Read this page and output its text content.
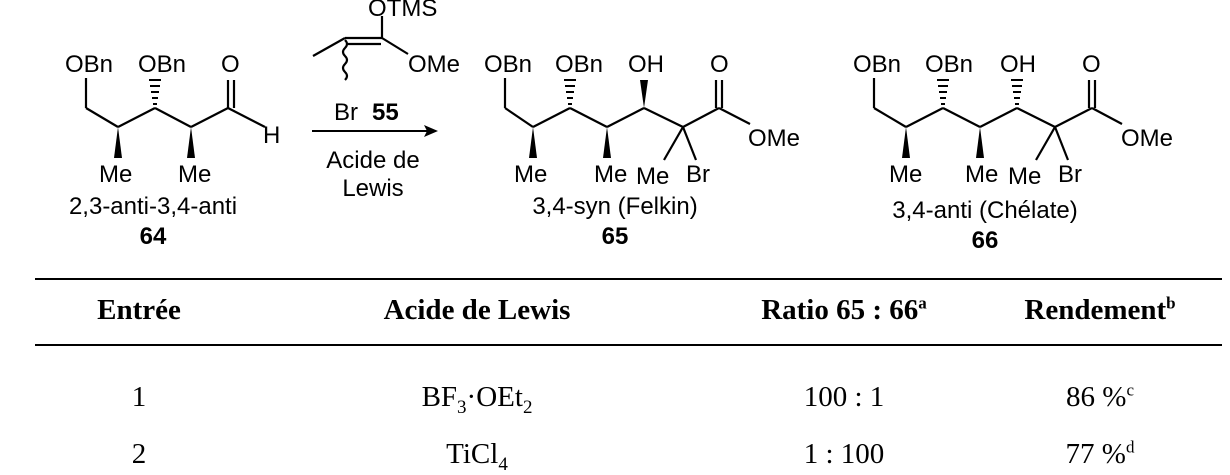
OBn OBn O
H
Me Me
2,3-anti-3,4-anti
64
OTMS
OMe
Br 55
Acide de
Lewis
OBn OBn OH O
OMe
Me Me Me Br
3,4-syn (Felkin)
65
OBn OBn OH O
OMe
Me Me Me Br
3,4-anti (Chélate)
66
Entrée	Acide de Lewis	Ratio 65 : 66$^a$	Rendement$^b$
1	$BF_3\cdot OEt_2$	100 : 1	86 %$^c$
2	TiCl$_4$	1 : 100	77 %$^d$
